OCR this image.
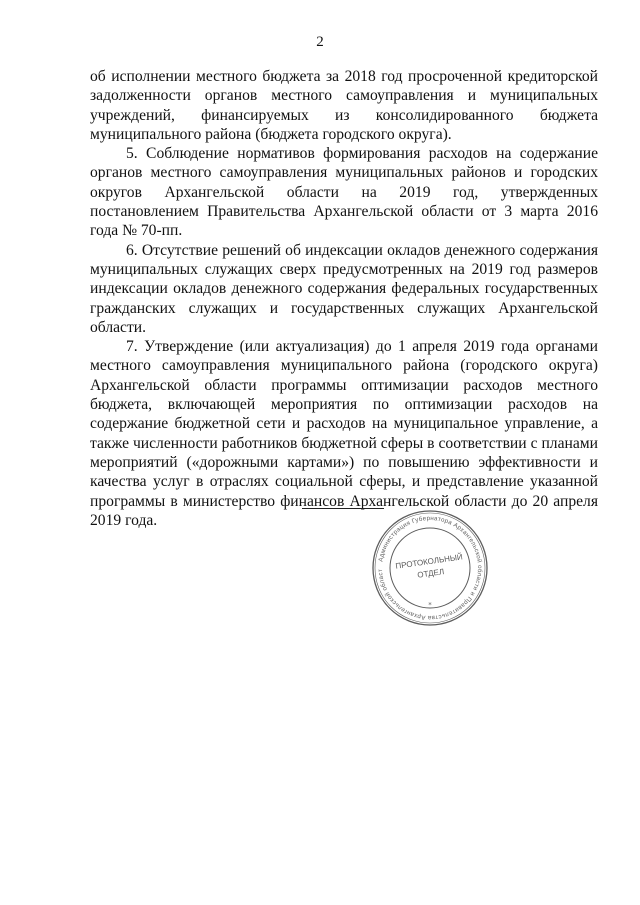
2

об исполнении местного бюджета за 2018 год просроченной кредиторской задолженности органов местного самоуправления и муниципальных учреждений, финансируемых из консолидированного бюджета муниципального района (бюджета городского округа).

5. Соблюдение нормативов формирования расходов на содержание органов местного самоуправления муниципальных районов и городских округов Архангельской области на 2019 год, утвержденных постановлением Правительства Архангельской области от 3 марта 2016 года № 70-пп.

6. Отсутствие решений об индексации окладов денежного содержания муниципальных служащих сверх предусмотренных на 2019 год размеров индексации окладов денежного содержания федеральных государственных гражданских служащих и государственных служащих Архангельской области.

7. Утверждение (или актуализация) до 1 апреля 2019 года органами местного самоуправления муниципального района (городского округа) Архангельской области программы оптимизации расходов местного бюджета, включающей мероприятия по оптимизации расходов на содержание бюджетной сети и расходов на муниципальное управление, а также численности работников бюджетной сферы в соответствии с планами мероприятий («дорожными картами») по повышению эффективности и качества услуг в отраслях социальной сферы, и представление указанной программы в министерство финансов Архангельской области до 20 апреля 2019 года.

Администрация Губернатора Архангельской области и Правительства Архангельской област	ПРОТОКОЛЬНЫЙ
ОТДЕЛ
*
